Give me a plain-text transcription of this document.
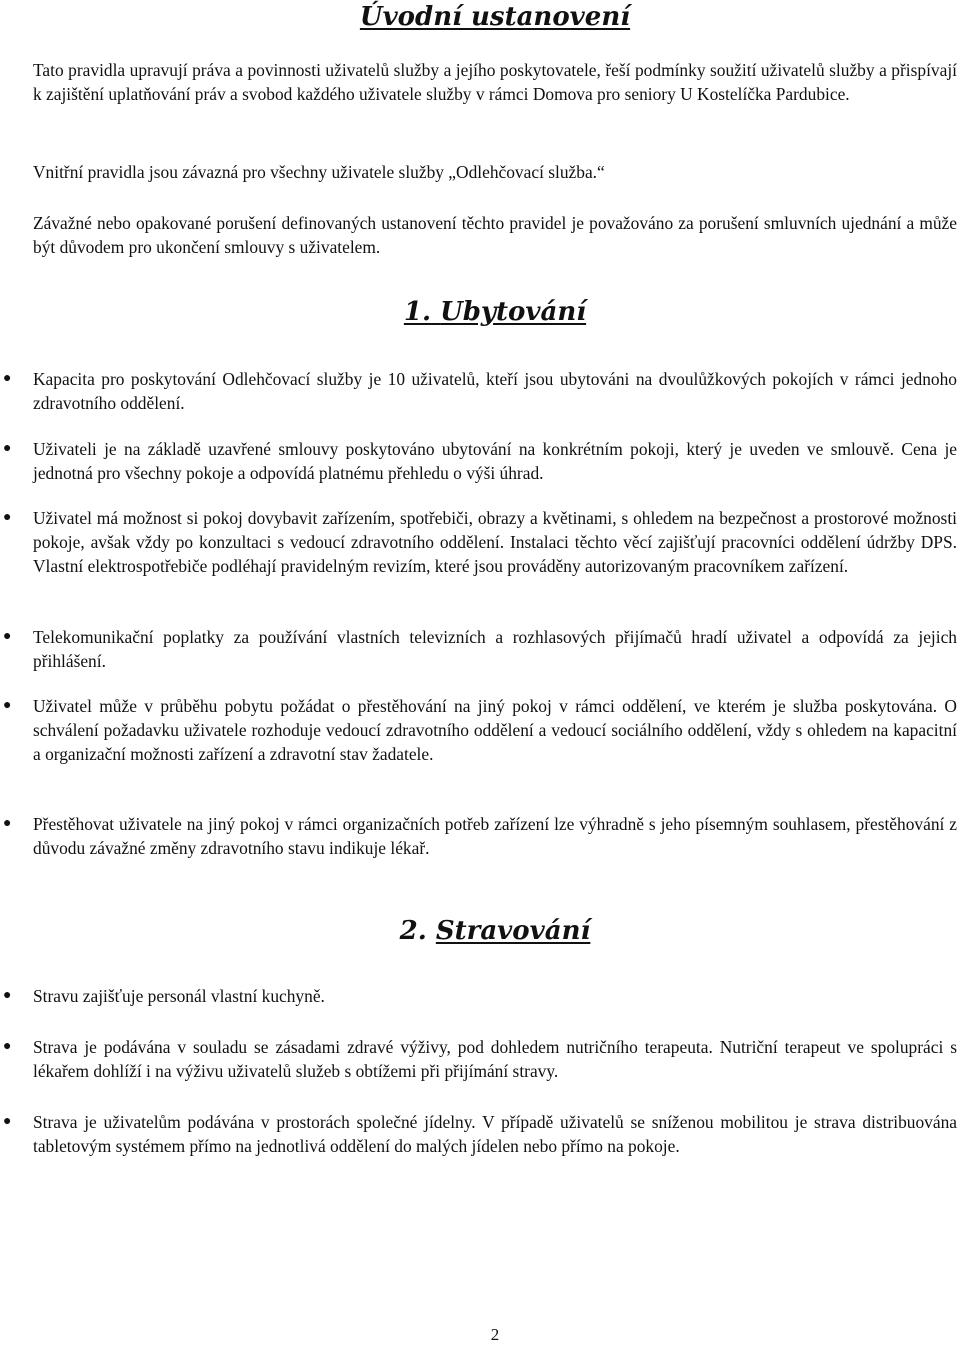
Úvodní ustanovení

Tato pravidla upravují práva a povinnosti uživatelů služby a jejího poskytovatele, řeší podmínky soužití uživatelů služby a přispívají k zajištění uplatňování práv a svobod každého uživatele služby v rámci Domova pro seniory U Kostelíčka Pardubice.

Vnitřní pravidla jsou závazná pro všechny uživatele služby „Odlehčovací služba.“

Závažné nebo opakované porušení definovaných ustanovení těchto pravidel je považováno za porušení smluvních ujednání a může být důvodem pro ukončení smlouvy s uživatelem.

1. Ubytování
● Kapacita pro poskytování Odlehčovací služby je 10 uživatelů, kteří jsou ubytováni na dvoulůžkových pokojích v rámci jednoho zdravotního oddělení.
● Uživateli je na základě uzavřené smlouvy poskytováno ubytování na konkrétním pokoji, který je uveden ve smlouvě. Cena je jednotná pro všechny pokoje a odpovídá platnému přehledu o výši úhrad.
● Uživatel má možnost si pokoj dovybavit zařízením, spotřebiči, obrazy a květinami, s ohledem na bezpečnost a prostorové možnosti pokoje, avšak vždy po konzultaci s vedoucí zdravotního oddělení. Instalaci těchto věcí zajišťují pracovníci oddělení údržby DPS. Vlastní elektrospotřebiče podléhají pravidelným revizím, které jsou prováděny autorizovaným pracovníkem zařízení.
● Telekomunikační poplatky za používání vlastních televizních a rozhlasových přijímačů hradí uživatel a odpovídá za jejich přihlášení.
● Uživatel může v průběhu pobytu požádat o přestěhování na jiný pokoj v rámci oddělení, ve kterém je služba poskytována. O schválení požadavku uživatele rozhoduje vedoucí zdravotního oddělení a vedoucí sociálního oddělení, vždy s ohledem na kapacitní a organizační možnosti zařízení a zdravotní stav žadatele.
● Přestěhovat uživatele na jiný pokoj v rámci organizačních potřeb zařízení lze výhradně s jeho písemným souhlasem, přestěhování z důvodu závažné změny zdravotního stavu indikuje lékař.
2. Stravování
● Stravu zajišťuje personál vlastní kuchyně.
● Strava je podávána v souladu se zásadami zdravé výživy, pod dohledem nutričního terapeuta. Nutriční terapeut ve spolupráci s lékařem dohlíží i na výživu uživatelů služeb s obtížemi při přijímání stravy.
● Strava je uživatelům podávána v prostorách společné jídelny. V případě uživatelů se sníženou mobilitou je strava distribuována tabletovým systémem přímo na jednotlivá oddělení do malých jídelen nebo přímo na pokoje.
2
